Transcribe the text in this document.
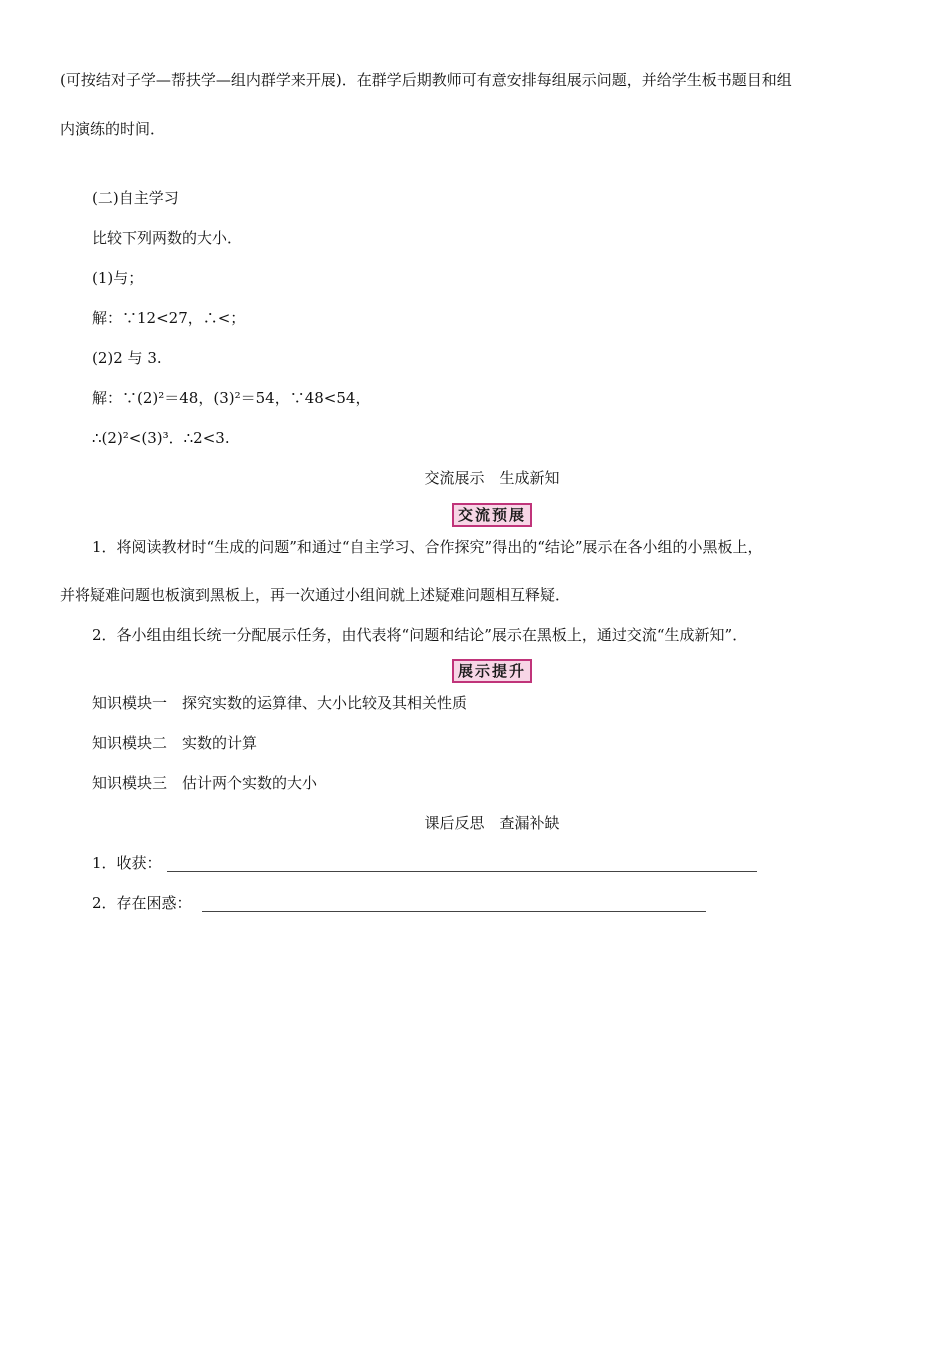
(可按结对子学—帮扶学—组内群学来开展)．在群学后期教师可有意安排每组展示问题，并给学生板书题目和组
内演练的时间．
(二)自主学习
比较下列两数的大小．
(1)与；
解：∵12<27，∴<；
(2)2 与 3.
解：∵(2)²＝48，(3)²＝54，∵48<54，
∴(2)²<(3)³．∴2<3.
交流展示　生成新知
交流预展
1．将阅读教材时“生成的问题”和通过“自主学习、合作探究”得出的“结论”展示在各小组的小黑板上，
并将疑难问题也板演到黑板上，再一次通过小组间就上述疑难问题相互释疑．
2．各小组由组长统一分配展示任务，由代表将“问题和结论”展示在黑板上，通过交流“生成新知”．
展示提升
知识模块一　探究实数的运算律、大小比较及其相关性质
知识模块二　实数的计算
知识模块三　估计两个实数的大小
课后反思　查漏补缺
1．收获：
2．存在困惑：
